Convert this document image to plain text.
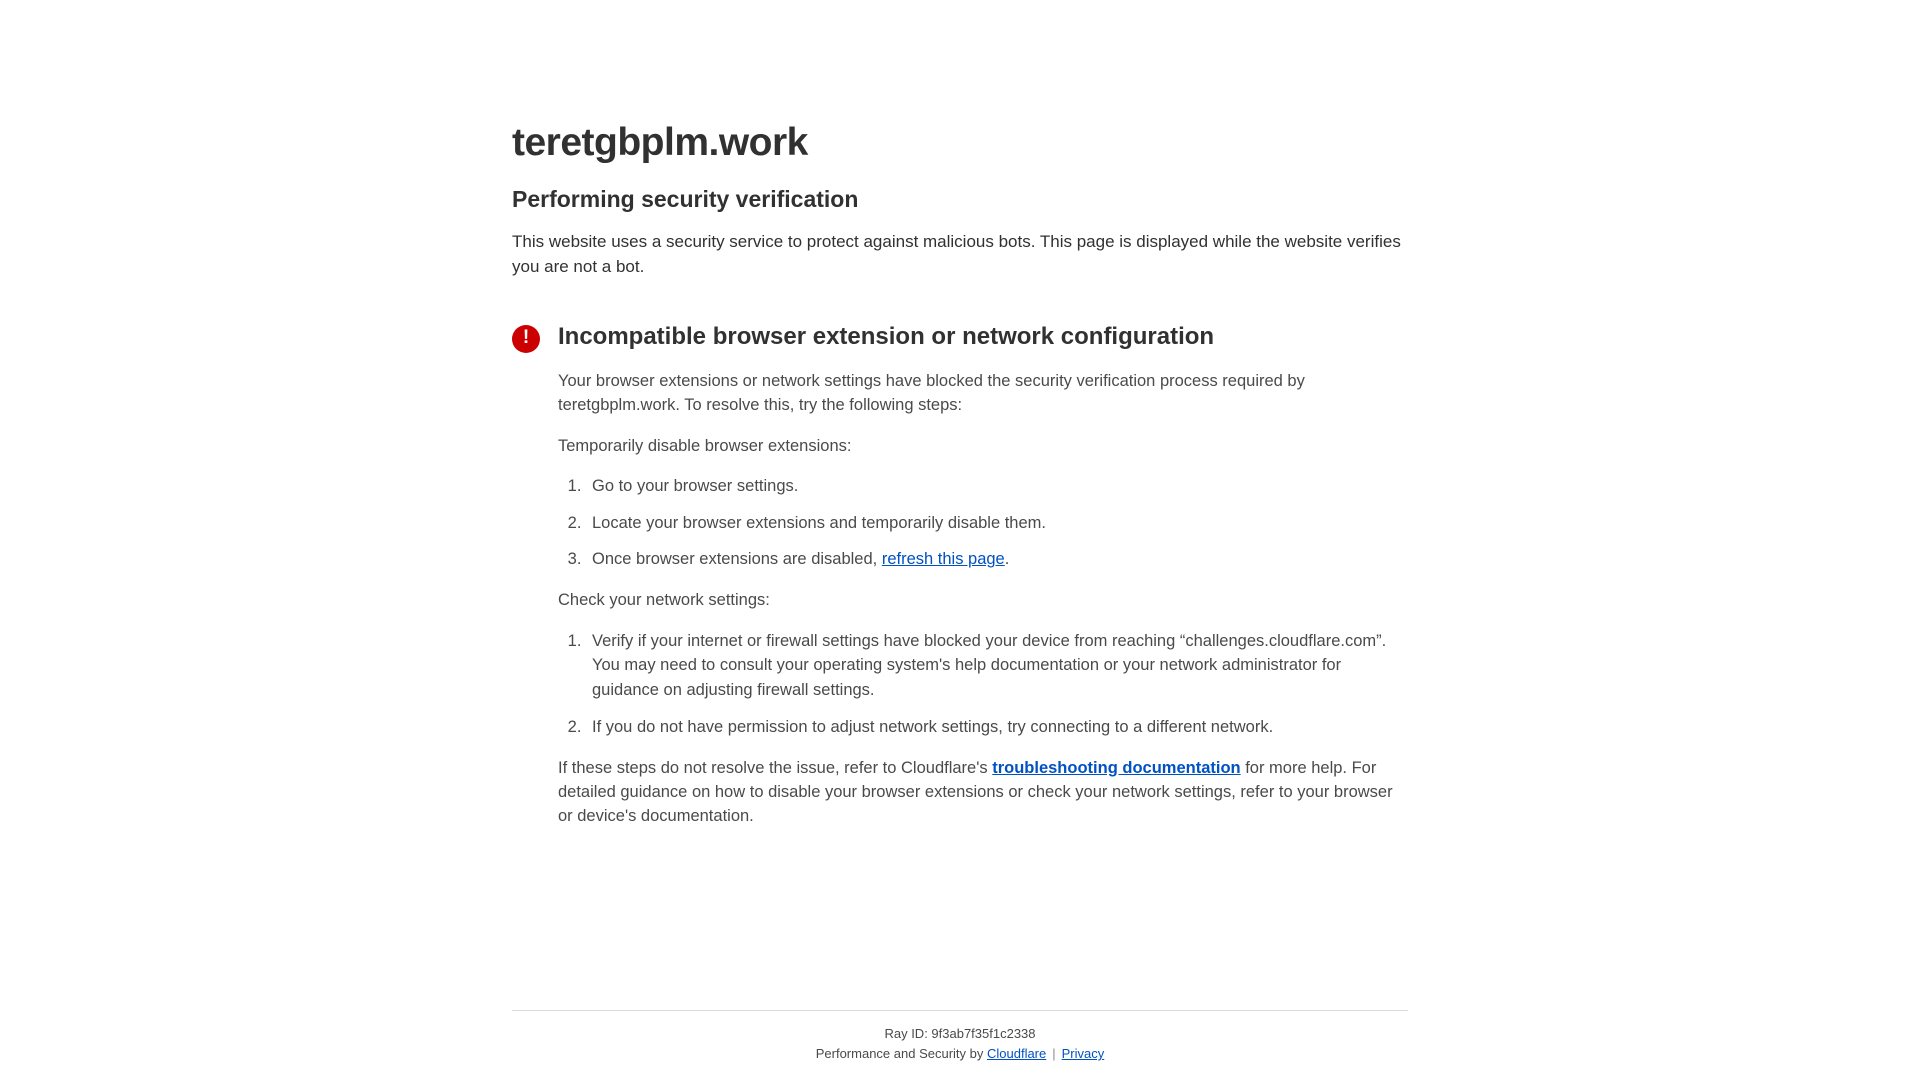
teretgbplm.work
Performing security verification

This website uses a security service to protect against malicious bots. This page is displayed while the website verifies you are not a bot.

! Incompatible browser extension or network configuration

Your browser extensions or network settings have blocked the security verification process required by teretgbplm.work. To resolve this, try the following steps:

Temporarily disable browser extensions:

1. Go to your browser settings.
2. Locate your browser extensions and temporarily disable them.
3. Once browser extensions are disabled, refresh this page.

Check your network settings:

1. Verify if your internet or firewall settings have blocked your device from reaching “challenges.cloudflare.com”. You may need to consult your operating system's help documentation or your network administrator for guidance on adjusting firewall settings.
2. If you do not have permission to adjust network settings, try connecting to a different network.

If these steps do not resolve the issue, refer to Cloudflare's troubleshooting documentation for more help. For detailed guidance on how to disable your browser extensions or check your network settings, refer to your browser or device's documentation.

Ray ID: 9f3ab7f35f1c2338
Performance and Security by Cloudflare | Privacy
